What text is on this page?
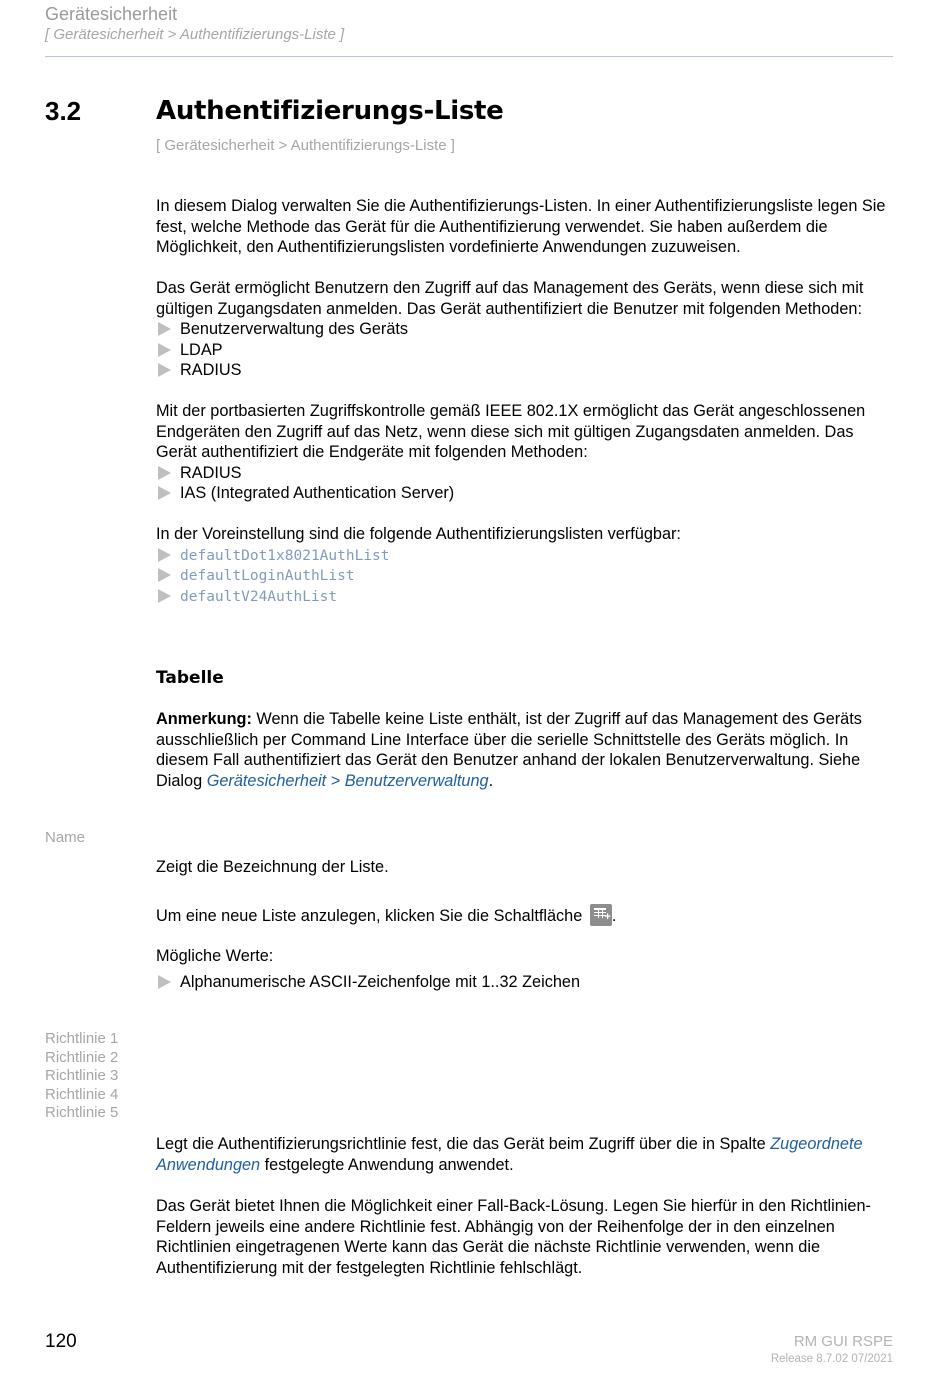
Gerätesicherheit
[ Gerätesicherheit > Authentifizierungs-Liste ]
3.2	Authentifizierungs-Liste
[ Gerätesicherheit > Authentifizierungs-Liste ]

In diesem Dialog verwalten Sie die Authentifizierungs-Listen. In einer Authentifizierungsliste legen Sie fest, welche Methode das Gerät für die Authentifizierung verwendet. Sie haben außerdem die Möglichkeit, den Authentifizierungslisten vordefinierte Anwendungen zuzuweisen.

Das Gerät ermöglicht Benutzern den Zugriff auf das Management des Geräts, wenn diese sich mit gültigen Zugangsdaten anmelden. Das Gerät authentifiziert die Benutzer mit folgenden Methoden:

Benutzerverwaltung des Geräts
LDAP
RADIUS

Mit der portbasierten Zugriffskontrolle gemäß IEEE 802.1X ermöglicht das Gerät angeschlossenen Endgeräten den Zugriff auf das Netz, wenn diese sich mit gültigen Zugangsdaten anmelden. Das Gerät authentifiziert die Endgeräte mit folgenden Methoden:

RADIUS
IAS (Integrated Authentication Server)

In der Voreinstellung sind die folgende Authentifizierungslisten verfügbar:

defaultDot1x8021AuthList
defaultLoginAuthList
defaultV24AuthList
Tabelle

Anmerkung: Wenn die Tabelle keine Liste enthält, ist der Zugriff auf das Management des Geräts ausschließlich per Command Line Interface über die serielle Schnittstelle des Geräts möglich. In diesem Fall authentifiziert das Gerät den Benutzer anhand der lokalen Benutzerverwaltung. Siehe Dialog Gerätesicherheit > Benutzerverwaltung.

Name

Zeigt die Bezeichnung der Liste.

Um eine neue Liste anzulegen, klicken Sie die Schaltfläche +.

Mögliche Werte:

Alphanumerische ASCII-Zeichenfolge mit 1..32 Zeichen
Richtlinie 1
Richtlinie 2
Richtlinie 3
Richtlinie 4
Richtlinie 5

Legt die Authentifizierungsrichtlinie fest, die das Gerät beim Zugriff über die in Spalte Zugeordnete Anwendungen festgelegte Anwendung anwendet.

Das Gerät bietet Ihnen die Möglichkeit einer Fall-Back-Lösung. Legen Sie hierfür in den Richtlinien-Feldern jeweils eine andere Richtlinie fest. Abhängig von der Reihenfolge der in den einzelnen Richtlinien eingetragenen Werte kann das Gerät die nächste Richtlinie verwenden, wenn die Authentifizierung mit der festgelegten Richtlinie fehlschlägt.

120	RM GUI RSPE
Release 8.7.02 07/2021
